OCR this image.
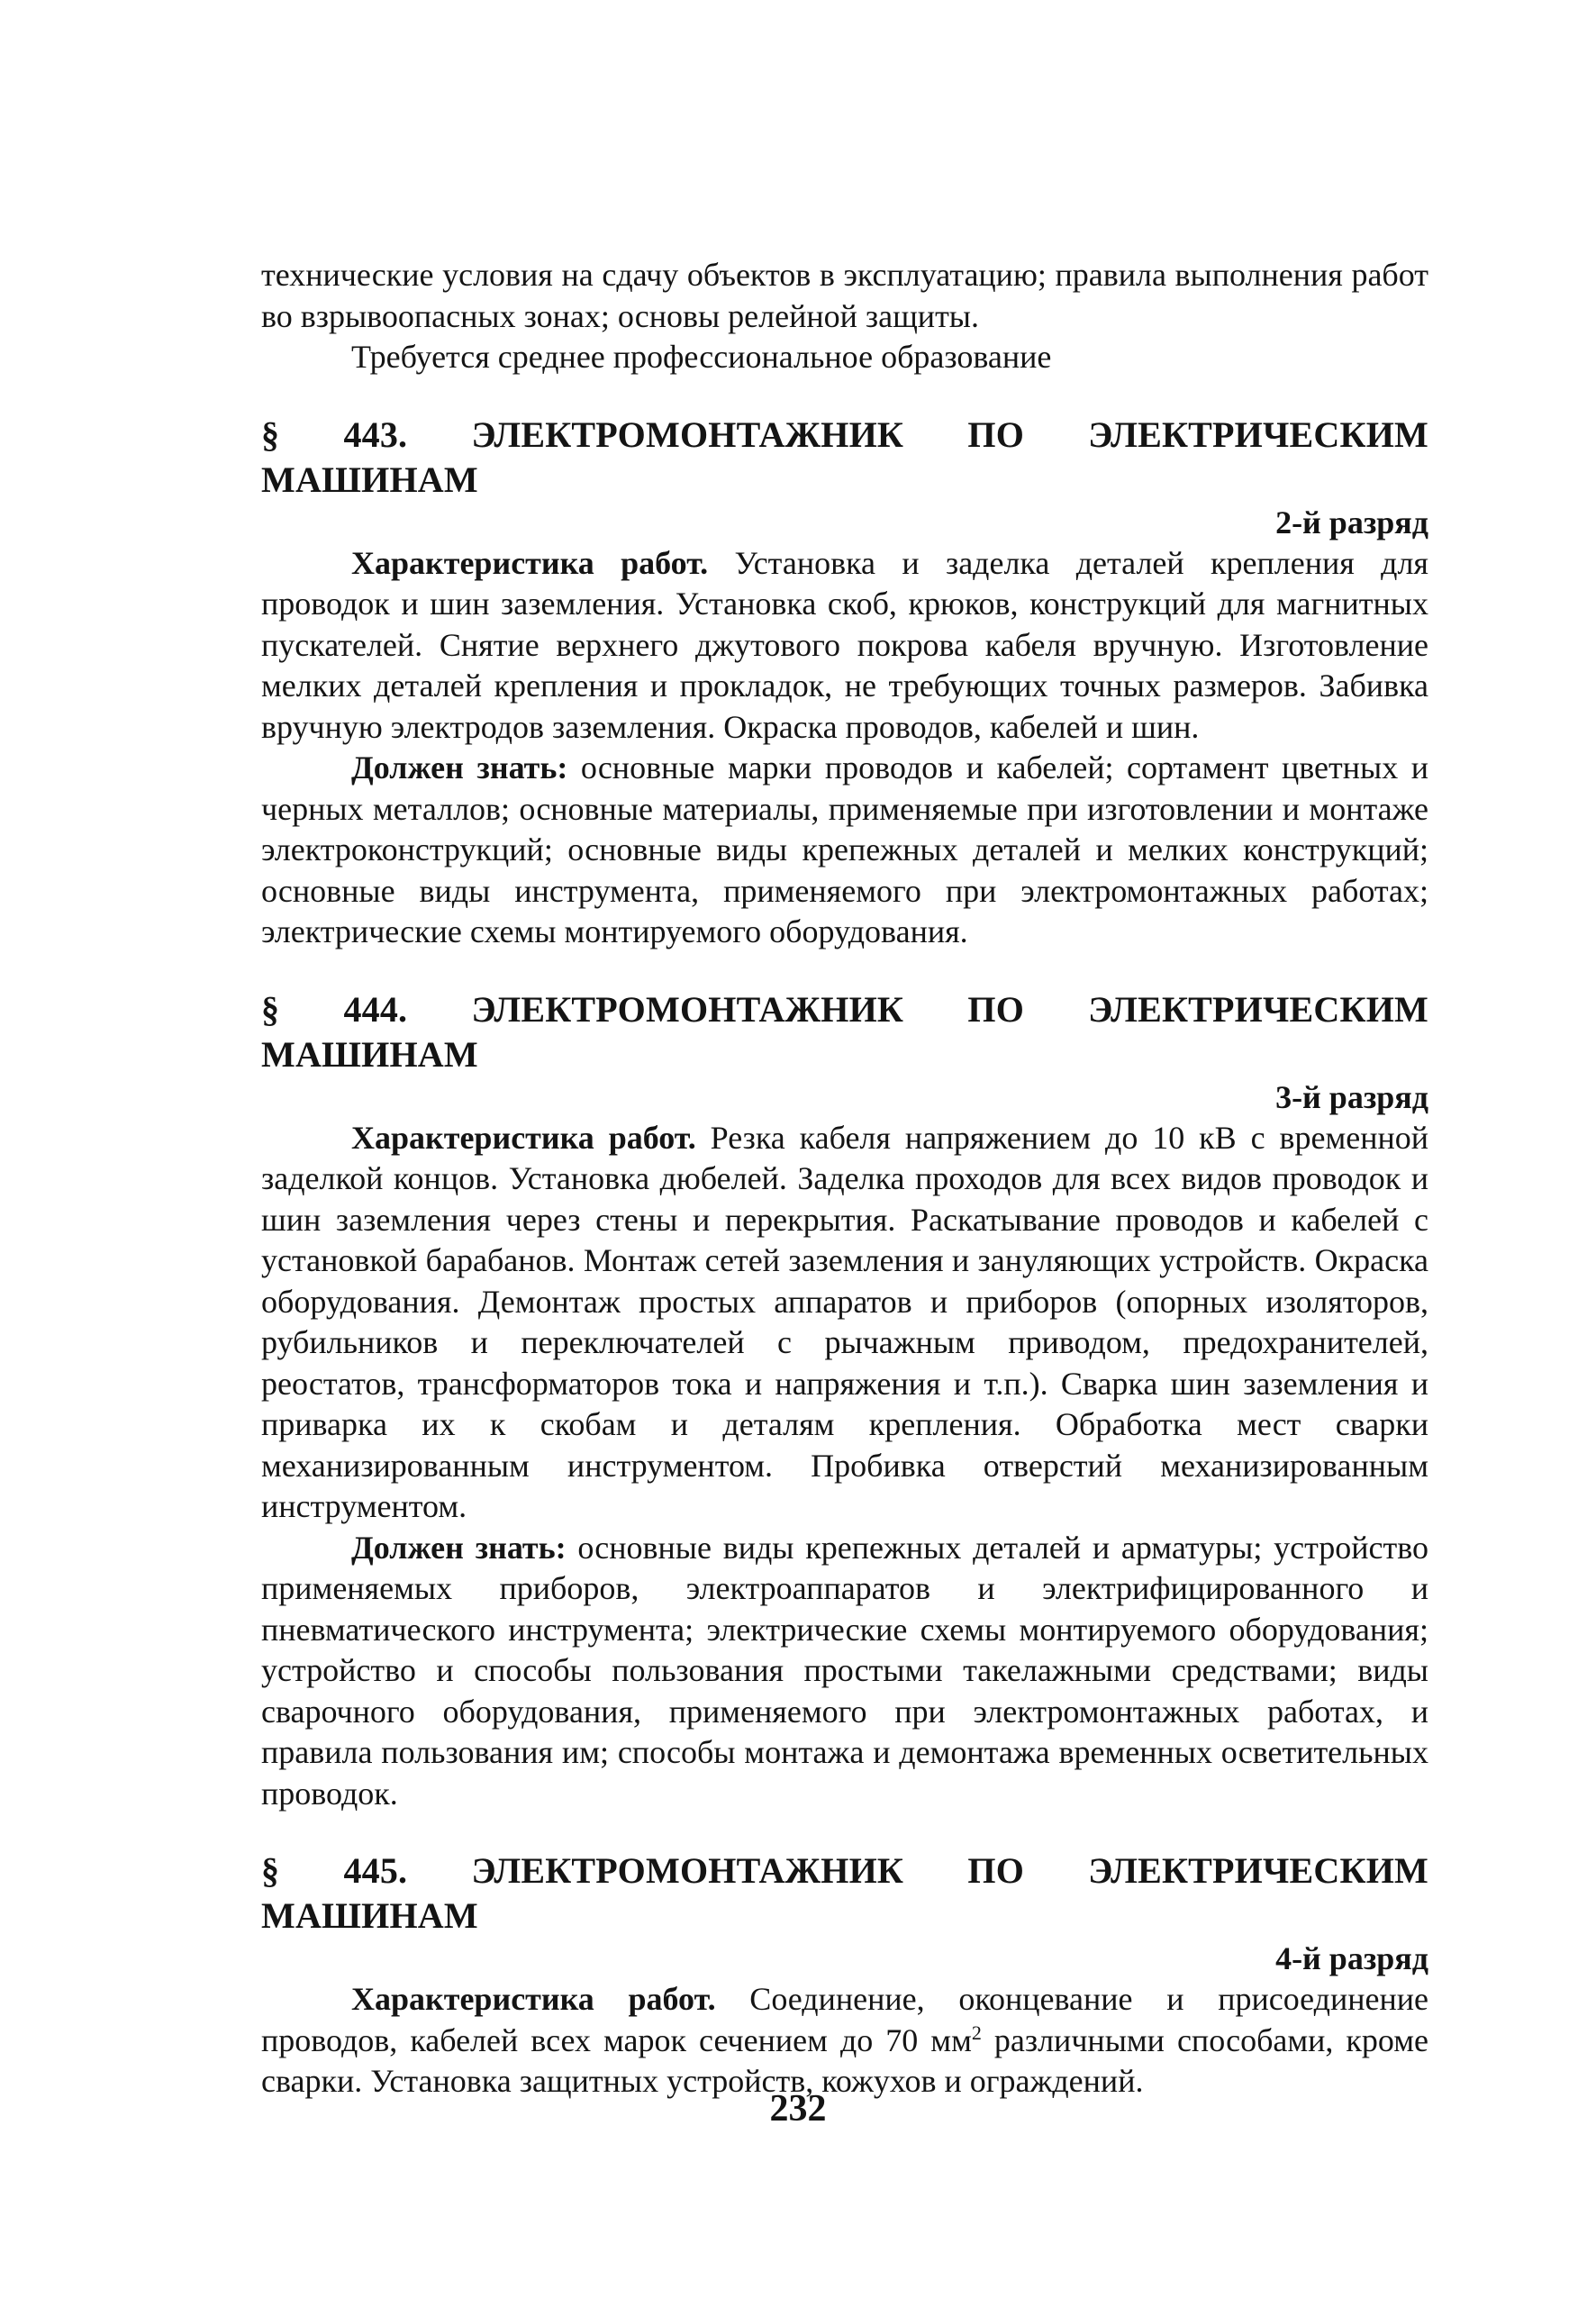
технические условия на сдачу объектов в эксплуатацию; правила выполнения работ во взрывоопасных зонах; основы релейной защиты.

Требуется среднее профессиональное образование

§ 443. ЭЛЕКТРОМОНТАЖНИК ПО ЭЛЕКТРИЧЕСКИМ МАШИНАМ

2-й разряд

Характеристика работ. Установка и заделка деталей крепления для проводок и шин заземления. Установка скоб, крюков, конструкций для магнитных пускателей. Снятие верхнего джутового покрова кабеля вручную. Изготовление мелких деталей крепления и прокладок, не требующих точных размеров. Забивка вручную электродов заземления. Окраска проводов, кабелей и шин.

Должен знать: основные марки проводов и кабелей; сортамент цветных и черных металлов; основные материалы, применяемые при изготовлении и монтаже электроконструкций; основные виды крепежных деталей и мелких конструкций; основные виды инструмента, применяемого при электромонтажных работах; электрические схемы монтируемого оборудования.

§ 444. ЭЛЕКТРОМОНТАЖНИК ПО ЭЛЕКТРИЧЕСКИМ МАШИНАМ

3-й разряд

Характеристика работ. Резка кабеля напряжением до 10 кВ с временной заделкой концов. Установка дюбелей. Заделка проходов для всех видов проводок и шин заземления через стены и перекрытия. Раскатывание проводов и кабелей с установкой барабанов. Монтаж сетей заземления и зануляющих устройств. Окраска оборудования. Демонтаж простых аппаратов и приборов (опорных изоляторов, рубильников и переключателей с рычажным приводом, предохранителей, реостатов, трансформаторов тока и напряжения и т.п.). Сварка шин заземления и приварка их к скобам и деталям крепления. Обработка мест сварки механизированным инструментом. Пробивка отверстий механизированным инструментом.

Должен знать: основные виды крепежных деталей и арматуры; устройство применяемых приборов, электроаппаратов и электрифицированного и пневматического инструмента; электрические схемы монтируемого оборудования; устройство и способы пользования простыми такелажными средствами; виды сварочного оборудования, применяемого при электромонтажных работах, и правила пользования им; способы монтажа и демонтажа временных осветительных проводок.

§ 445. ЭЛЕКТРОМОНТАЖНИК ПО ЭЛЕКТРИЧЕСКИМ МАШИНАМ

4-й разряд

Характеристика работ. Соединение, оконцевание и присоединение проводов, кабелей всех марок сечением до 70 $мм^2$ различными способами, кроме сварки. Установка защитных устройств, кожухов и ограждений.

232
